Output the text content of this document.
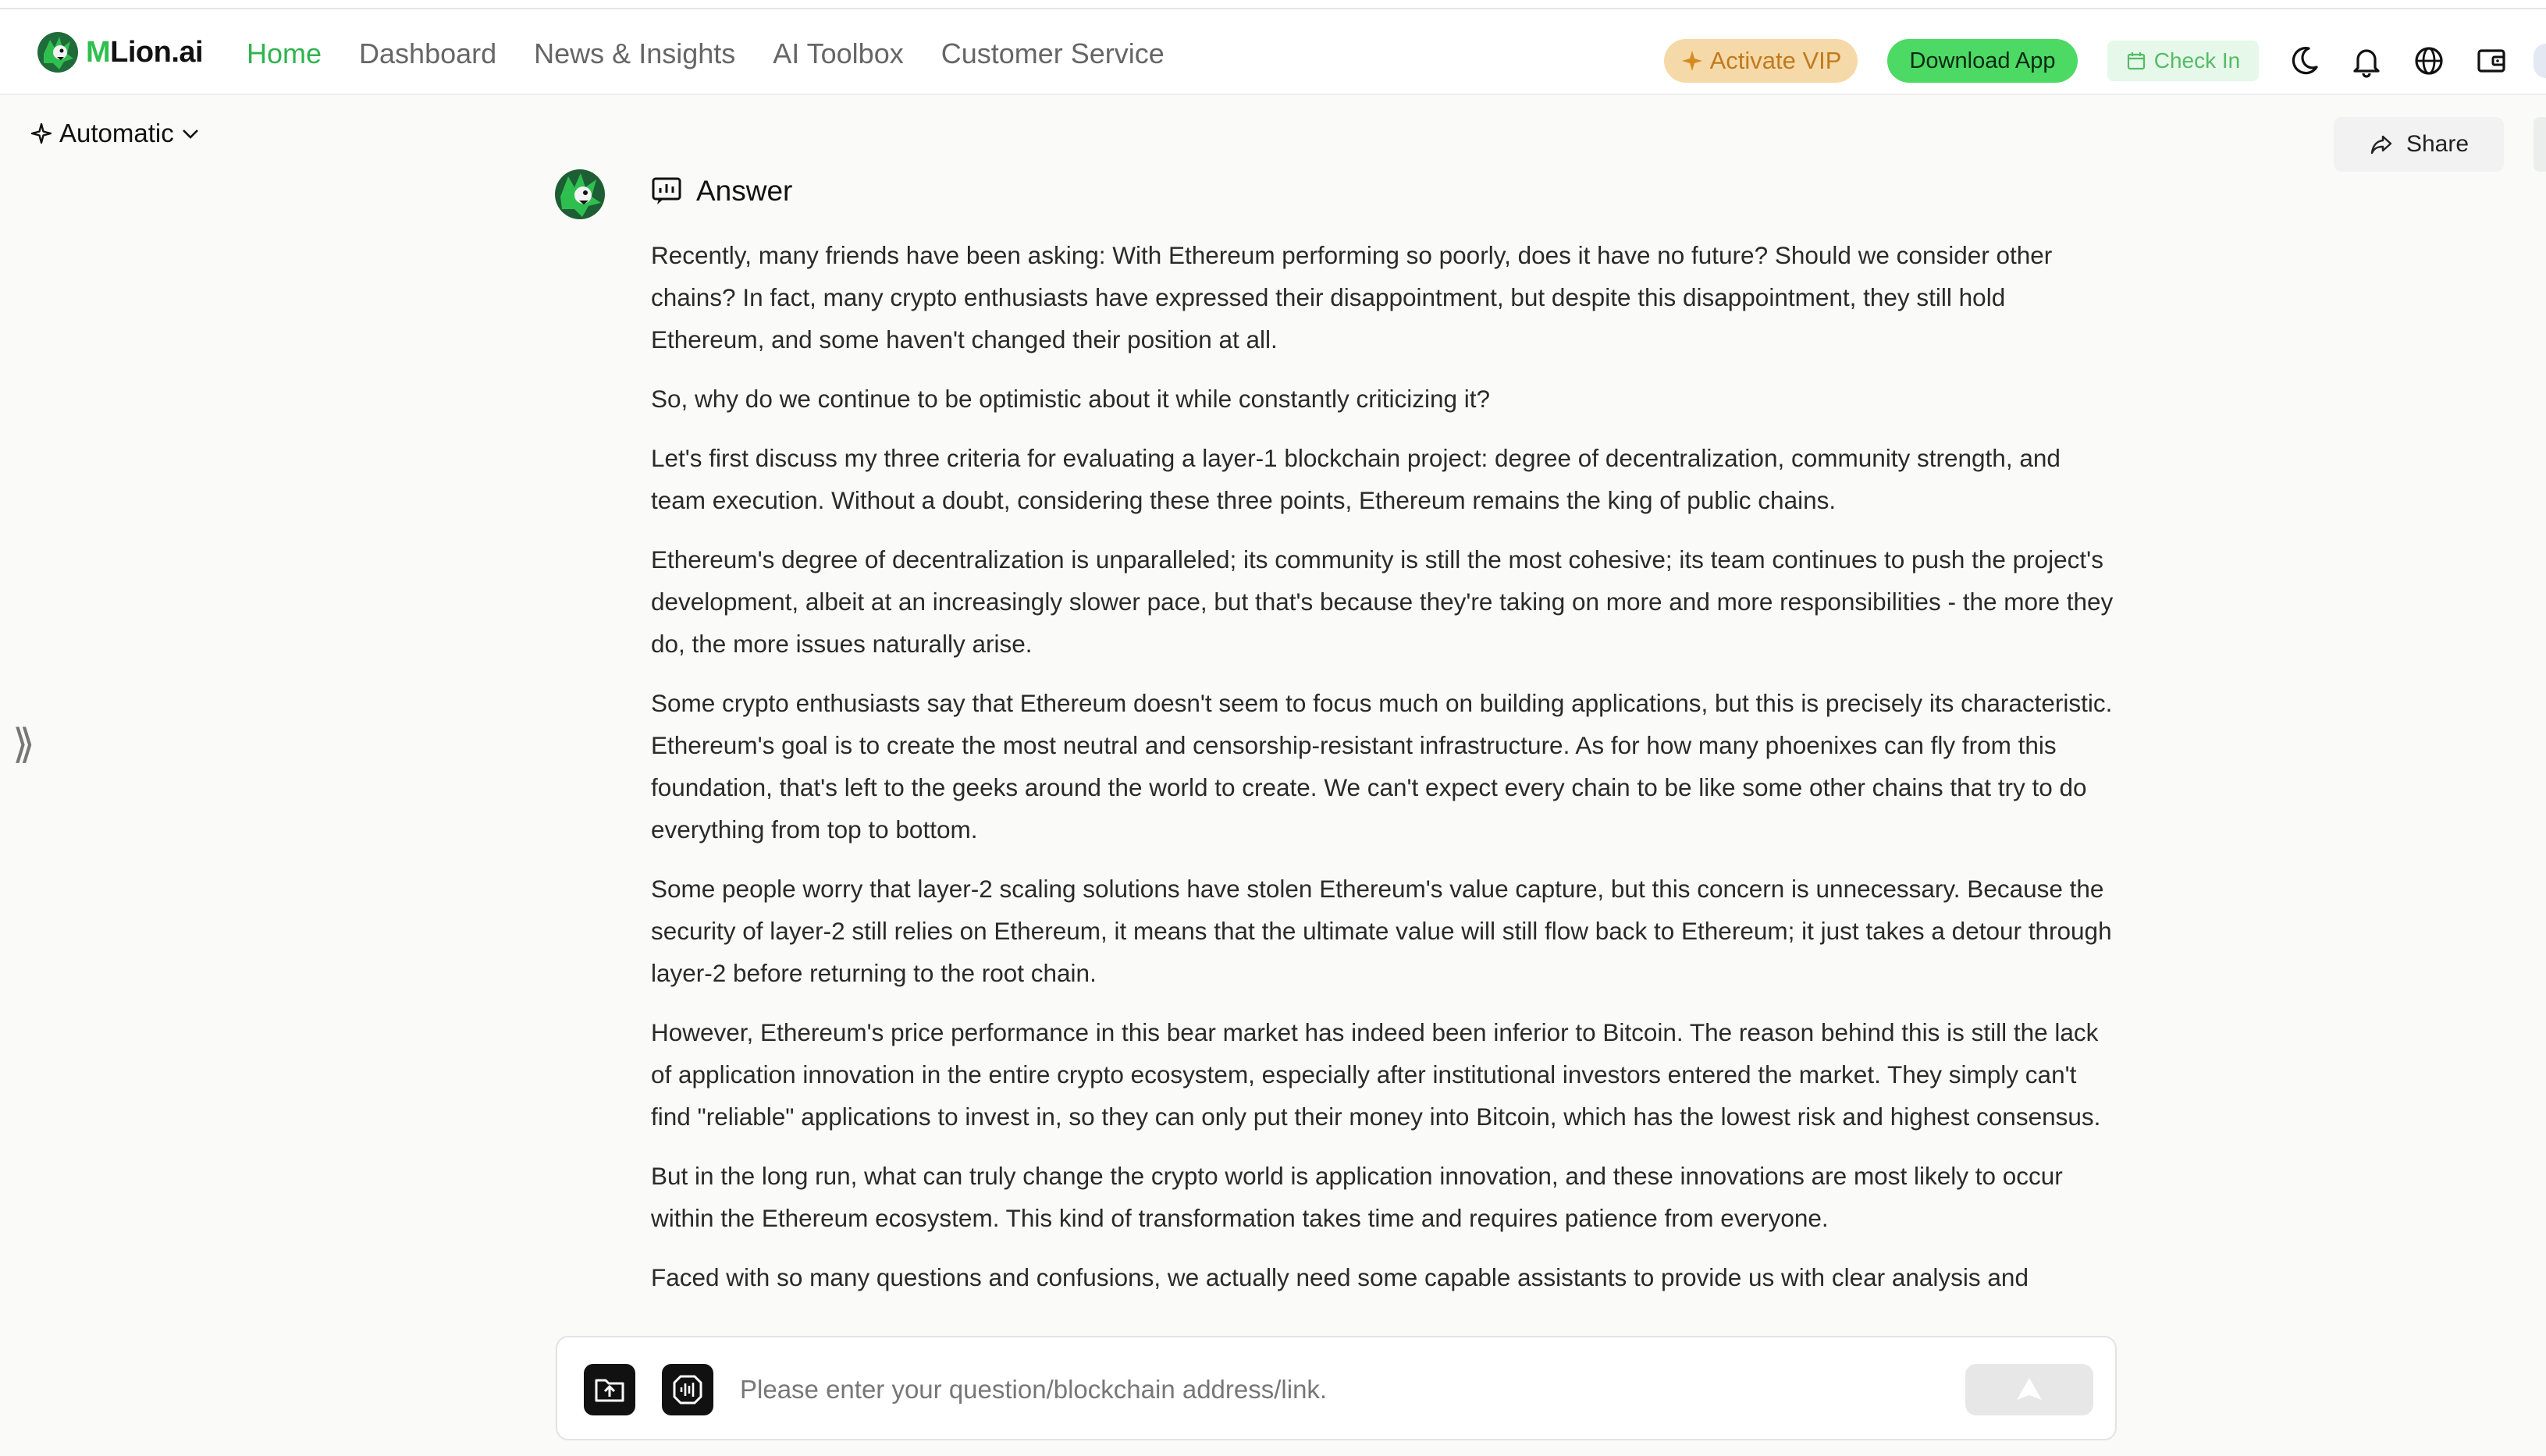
MLion.ai Home Dashboard News & Insights AI Toolbox Customer Service	Activate VIP	Download App	Check In
Automatic	Share
⟫
Answer

Recently, many friends have been asking: With Ethereum performing so poorly, does it have no future? Should we consider other chains? In fact, many crypto enthusiasts have expressed their disappointment, but despite this disappointment, they still hold Ethereum, and some haven't changed their position at all.

So, why do we continue to be optimistic about it while constantly criticizing it?

Let's first discuss my three criteria for evaluating a layer-1 blockchain project: degree of decentralization, community strength, and team execution. Without a doubt, considering these three points, Ethereum remains the king of public chains.

Ethereum's degree of decentralization is unparalleled; its community is still the most cohesive; its team continues to push the project's development, albeit at an increasingly slower pace, but that's because they're taking on more and more responsibilities - the more they do, the more issues naturally arise.

Some crypto enthusiasts say that Ethereum doesn't seem to focus much on building applications, but this is precisely its characteristic. Ethereum's goal is to create the most neutral and censorship-resistant infrastructure. As for how many phoenixes can fly from this foundation, that's left to the geeks around the world to create. We can't expect every chain to be like some other chains that try to do everything from top to bottom.

Some people worry that layer-2 scaling solutions have stolen Ethereum's value capture, but this concern is unnecessary. Because the security of layer-2 still relies on Ethereum, it means that the ultimate value will still flow back to Ethereum; it just takes a detour through layer-2 before returning to the root chain.

However, Ethereum's price performance in this bear market has indeed been inferior to Bitcoin. The reason behind this is still the lack of application innovation in the entire crypto ecosystem, especially after institutional investors entered the market. They simply can't find "reliable" applications to invest in, so they can only put their money into Bitcoin, which has the lowest risk and highest consensus.

But in the long run, what can truly change the crypto world is application innovation, and these innovations are most likely to occur within the Ethereum ecosystem. This kind of transformation takes time and requires patience from everyone.

Faced with so many questions and confusions, we actually need some capable assistants to provide us with clear analysis and

Please enter your question/blockchain address/link.
